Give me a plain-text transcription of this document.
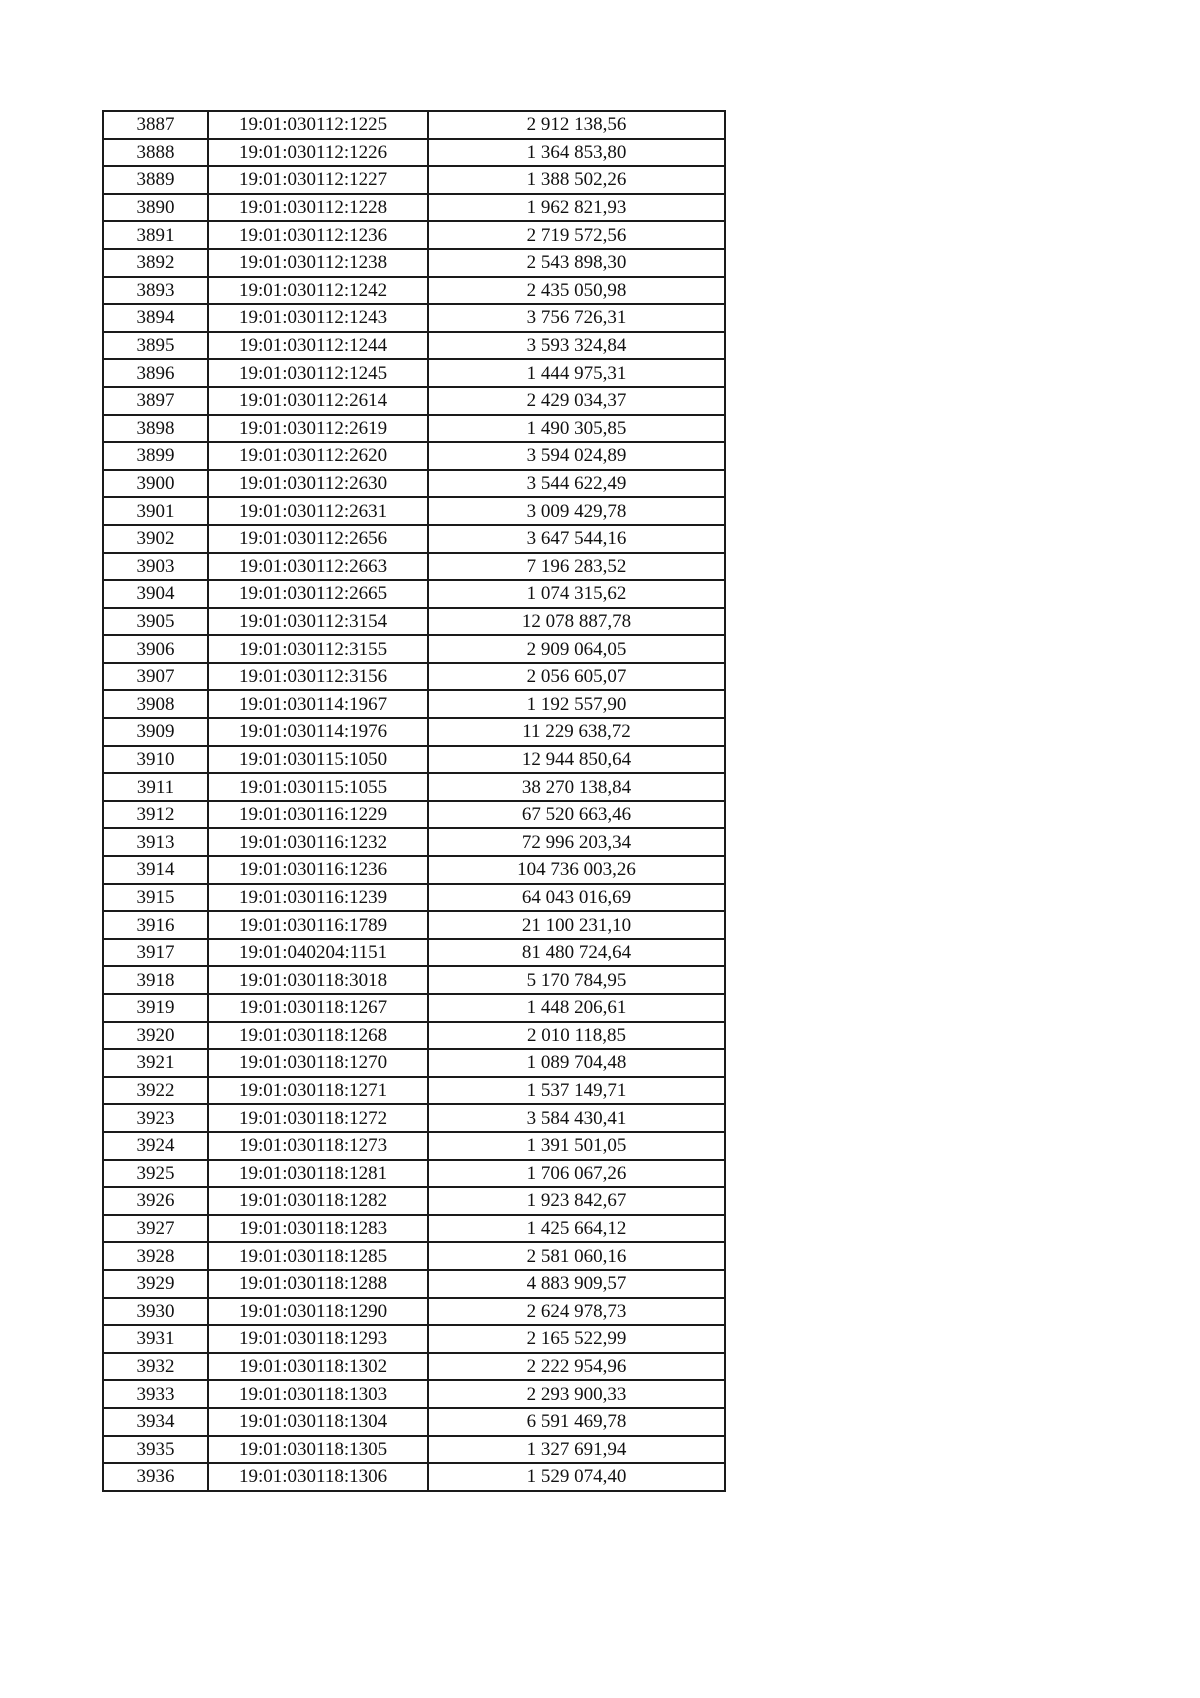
3887	19:01:030112:1225	2 912 138,56
3888	19:01:030112:1226	1 364 853,80
3889	19:01:030112:1227	1 388 502,26
3890	19:01:030112:1228	1 962 821,93
3891	19:01:030112:1236	2 719 572,56
3892	19:01:030112:1238	2 543 898,30
3893	19:01:030112:1242	2 435 050,98
3894	19:01:030112:1243	3 756 726,31
3895	19:01:030112:1244	3 593 324,84
3896	19:01:030112:1245	1 444 975,31
3897	19:01:030112:2614	2 429 034,37
3898	19:01:030112:2619	1 490 305,85
3899	19:01:030112:2620	3 594 024,89
3900	19:01:030112:2630	3 544 622,49
3901	19:01:030112:2631	3 009 429,78
3902	19:01:030112:2656	3 647 544,16
3903	19:01:030112:2663	7 196 283,52
3904	19:01:030112:2665	1 074 315,62
3905	19:01:030112:3154	12 078 887,78
3906	19:01:030112:3155	2 909 064,05
3907	19:01:030112:3156	2 056 605,07
3908	19:01:030114:1967	1 192 557,90
3909	19:01:030114:1976	11 229 638,72
3910	19:01:030115:1050	12 944 850,64
3911	19:01:030115:1055	38 270 138,84
3912	19:01:030116:1229	67 520 663,46
3913	19:01:030116:1232	72 996 203,34
3914	19:01:030116:1236	104 736 003,26
3915	19:01:030116:1239	64 043 016,69
3916	19:01:030116:1789	21 100 231,10
3917	19:01:040204:1151	81 480 724,64
3918	19:01:030118:3018	5 170 784,95
3919	19:01:030118:1267	1 448 206,61
3920	19:01:030118:1268	2 010 118,85
3921	19:01:030118:1270	1 089 704,48
3922	19:01:030118:1271	1 537 149,71
3923	19:01:030118:1272	3 584 430,41
3924	19:01:030118:1273	1 391 501,05
3925	19:01:030118:1281	1 706 067,26
3926	19:01:030118:1282	1 923 842,67
3927	19:01:030118:1283	1 425 664,12
3928	19:01:030118:1285	2 581 060,16
3929	19:01:030118:1288	4 883 909,57
3930	19:01:030118:1290	2 624 978,73
3931	19:01:030118:1293	2 165 522,99
3932	19:01:030118:1302	2 222 954,96
3933	19:01:030118:1303	2 293 900,33
3934	19:01:030118:1304	6 591 469,78
3935	19:01:030118:1305	1 327 691,94
3936	19:01:030118:1306	1 529 074,40
